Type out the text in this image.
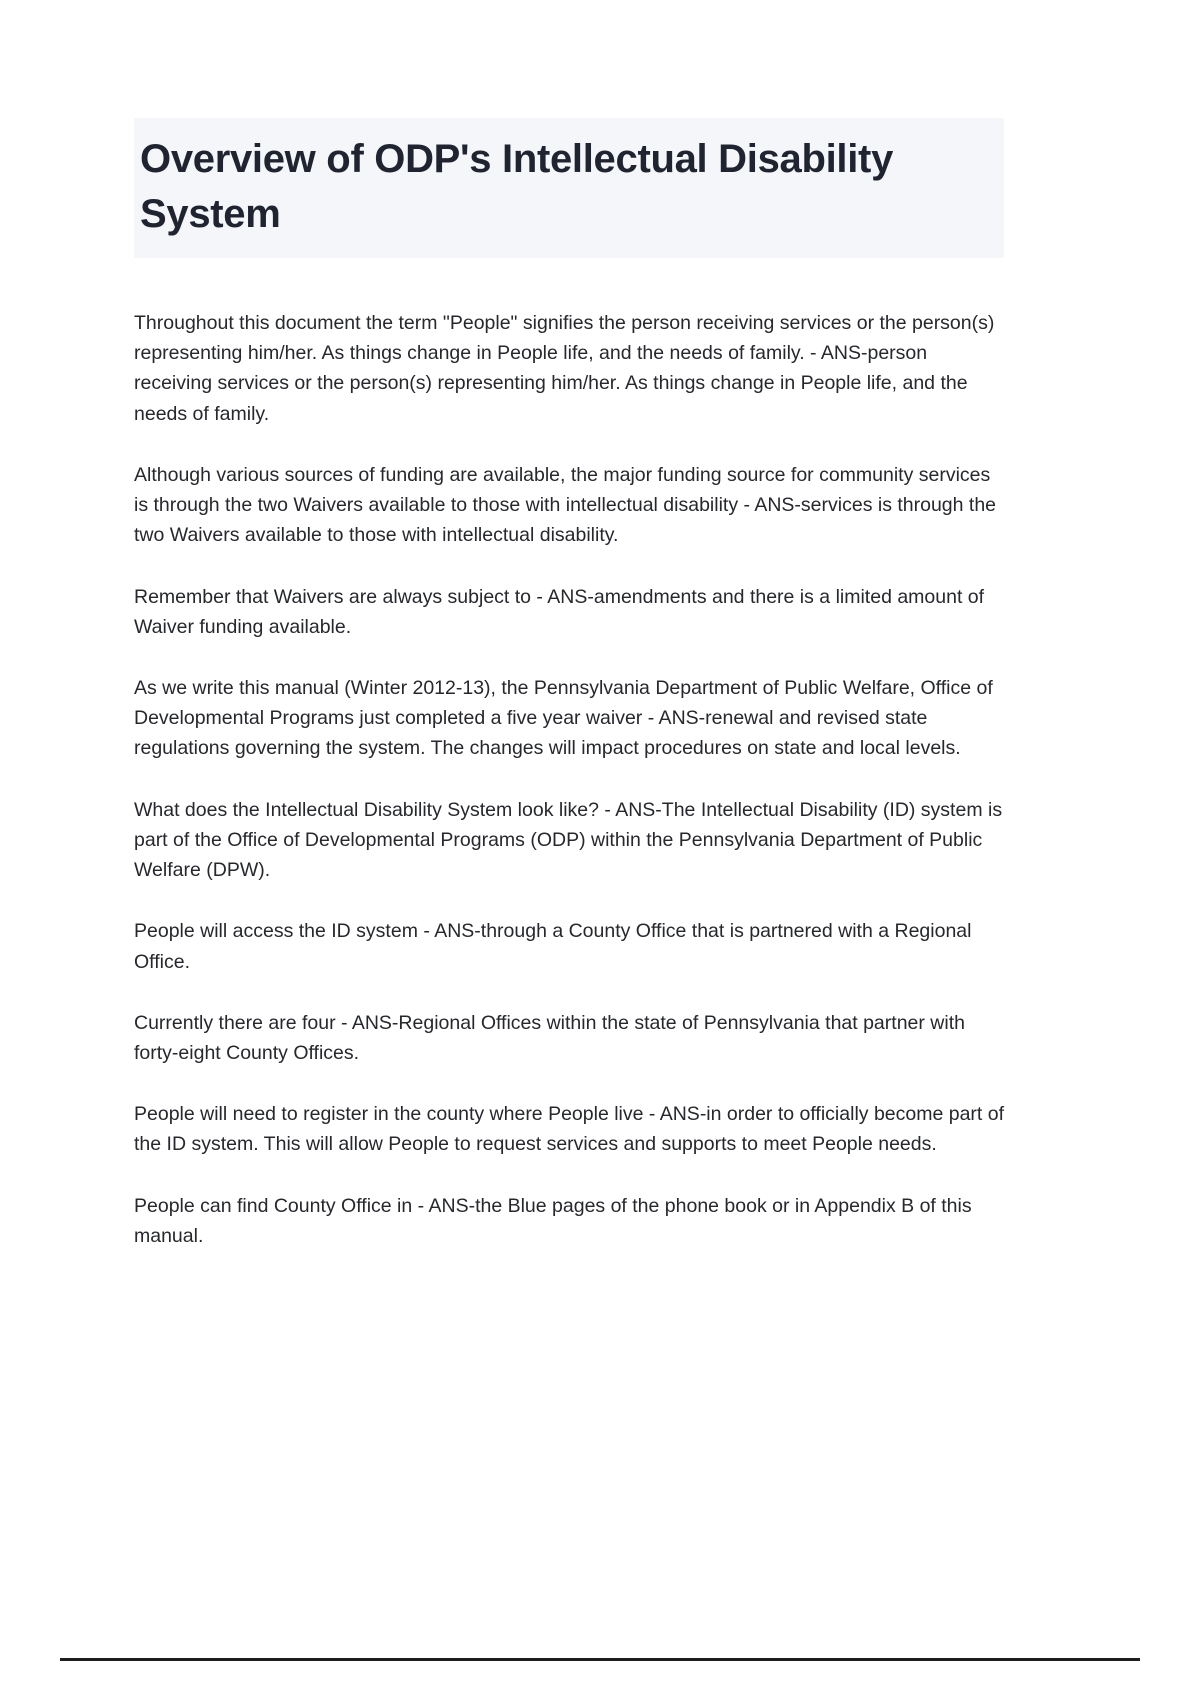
Overview of ODP's Intellectual Disability System

Throughout this document the term "People" signifies the person receiving services or the person(s) representing him/her. As things change in People life, and the needs of family. - ANS-person receiving services or the person(s) representing him/her. As things change in People life, and the needs of family.

Although various sources of funding are available, the major funding source for community services is through the two Waivers available to those with intellectual disability - ANS-services is through the two Waivers available to those with intellectual disability.

Remember that Waivers are always subject to - ANS-amendments and there is a limited amount of Waiver funding available.

As we write this manual (Winter 2012-13), the Pennsylvania Department of Public Welfare, Office of Developmental Programs just completed a five year waiver - ANS-renewal and revised state regulations governing the system. The changes will impact procedures on state and local levels.

What does the Intellectual Disability System look like? - ANS-The Intellectual Disability (ID) system is part of the Office of Developmental Programs (ODP) within the Pennsylvania Department of Public Welfare (DPW).

People will access the ID system - ANS-through a County Office that is partnered with a Regional Office.

Currently there are four - ANS-Regional Offices within the state of Pennsylvania that partner with forty-eight County Offices.

People will need to register in the county where People live - ANS-in order to officially become part of the ID system. This will allow People to request services and supports to meet People needs.

People can find County Office in - ANS-the Blue pages of the phone book or in Appendix B of this manual.
